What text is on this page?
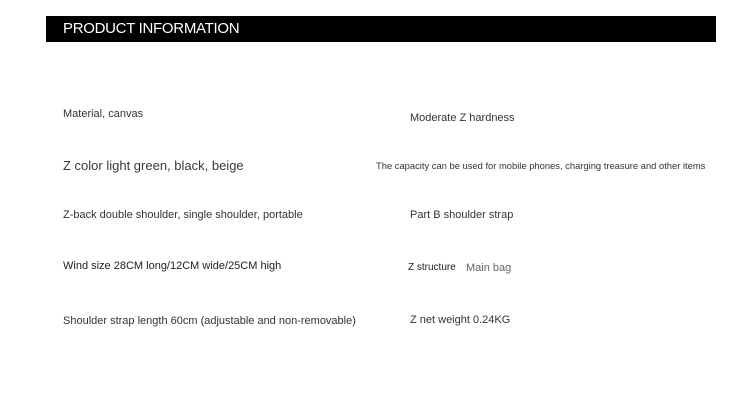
PRODUCT INFORMATION
Material, canvas
Z color light green, black, beige
Z-back double shoulder, single shoulder, portable
Wind size 28CM long/12CM wide/25CM high
Shoulder strap length 60cm (adjustable and non-removable)
Moderate Z hardness
The capacity can be used for mobile phones, charging treasure and other items
Part B shoulder strap
Z structure Main bag
Z net weight 0.24KG
